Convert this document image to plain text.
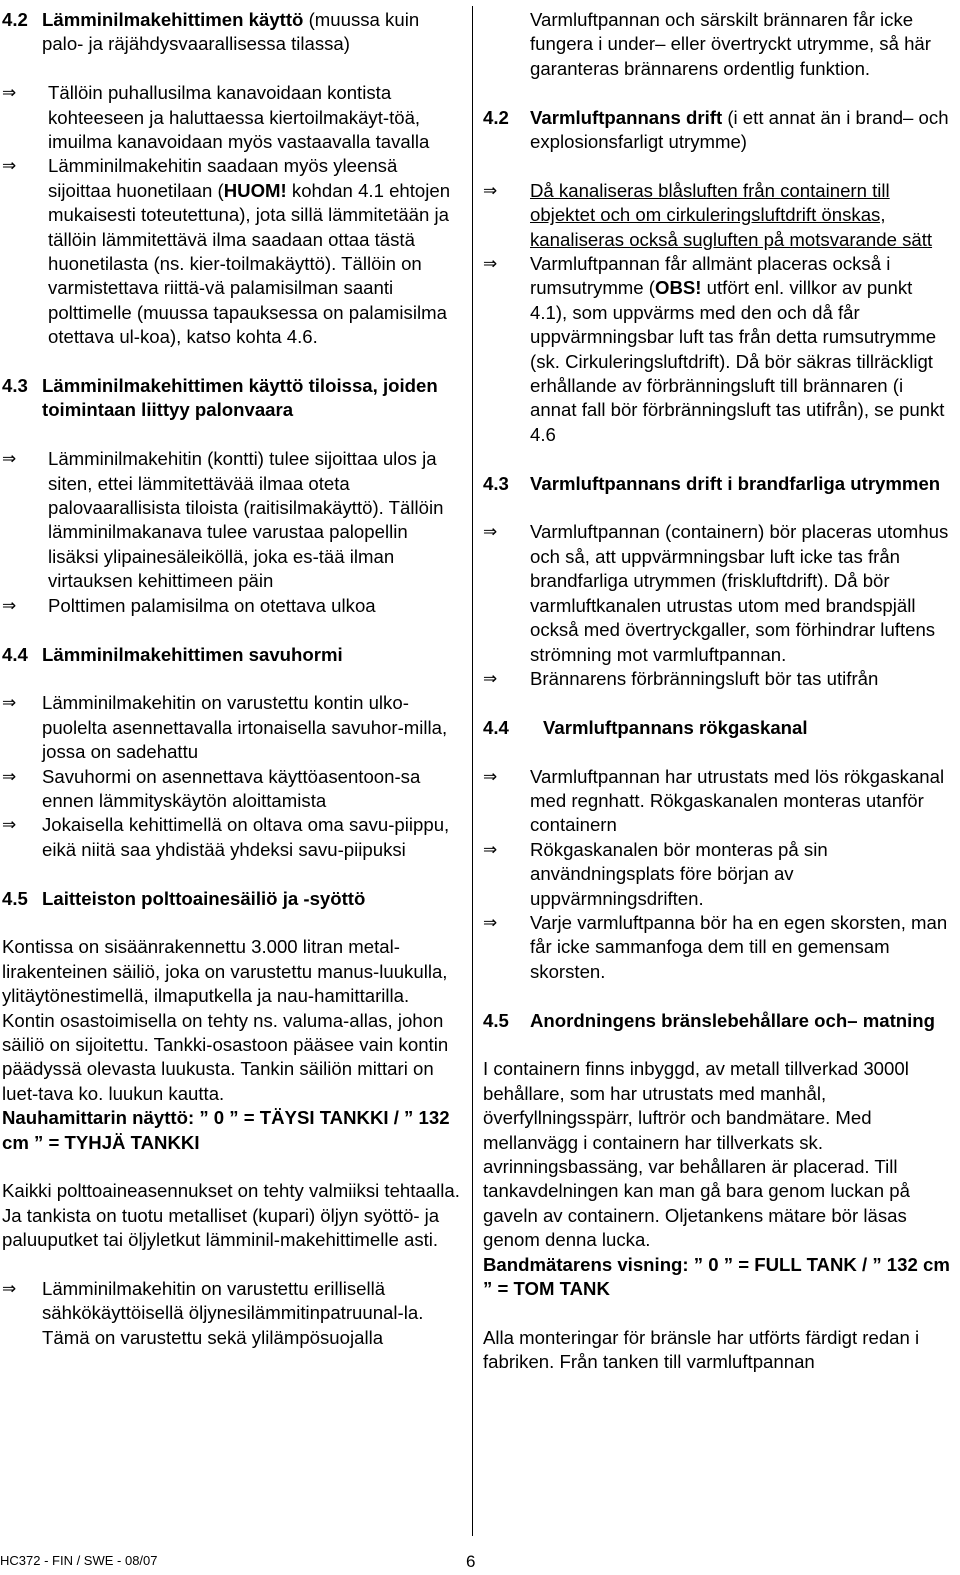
4.2 Lämminilmakehittimen käyttö (muussa kuin palo- ja räjähdysvaarallisessa tilassa)
⇒	Tällöin puhallusilma kanavoidaan kontista kohteeseen ja haluttaessa kiertoilmakäyt-töä, imuilma kanavoidaan myös vastaavalla tavalla
⇒	Lämminilmakehitin saadaan myös yleensä sijoittaa huonetilaan (HUOM! kohdan 4.1 ehtojen mukaisesti toteutettuna), jota sillä lämmitetään ja tällöin lämmitettävä ilma saadaan ottaa tästä huonetilasta (ns. kier-toilmakäyttö). Tällöin on varmistettava riittä-vä palamisilman saanti polttimelle (muussa tapauksessa on palamisilma otettava ul-koa), katso kohta 4.6.
4.3 Lämminilmakehittimen käyttö tiloissa, joiden toimintaan liittyy palonvaara
⇒	Lämminilmakehitin (kontti) tulee sijoittaa ulos ja siten, ettei lämmitettävää ilmaa oteta palovaarallisista tiloista (raitisilmakäyttö). Tällöin lämminilmakanava tulee varustaa palopellin lisäksi ylipainesäleiköllä, joka es-tää ilman virtauksen kehittimeen päin
⇒	Polttimen palamisilma on otettava ulkoa
4.4 Lämminilmakehittimen savuhormi
⇒	Lämminilmakehitin on varustettu kontin ulko-puolelta asennettavalla irtonaisella savuhor-milla, jossa on sadehattu
⇒	Savuhormi on asennettava käyttöasentoon-sa ennen lämmityskäytön aloittamista
⇒	Jokaisella kehittimellä on oltava oma savu-piippu, eikä niitä saa yhdistää yhdeksi savu-piipuksi
4.5 Laitteiston polttoainesäiliö ja -syöttö

Kontissa on sisäänrakennettu 3.000 litran metal-lirakenteinen säiliö, joka on varustettu manus-luukulla, ylitäytönestimellä, ilmaputkella ja nau-hamittarilla. Kontin osastoimisella on tehty ns. valuma-allas, johon säiliö on sijoitettu. Tankki-osastoon pääsee vain kontin päädyssä olevasta luukusta. Tankin säiliön mittari on luet-tava ko. luukun kautta.

Nauhamittarin näyttö: ” 0 ” = TÄYSI TANKKI / ” 132 cm ” = TYHJÄ TANKKI

Kaikki polttoaineasennukset on tehty valmiiksi tehtaalla. Ja tankista on tuotu metalliset (kupari) öljyn syöttö- ja paluuputket tai öljyletkut lämminil-makehittimelle asti.

⇒	Lämminilmakehitin on varustettu erillisellä sähkökäyttöisellä öljynesilämmitinpatruunal-la. Tämä on varustettu sekä ylilämpösuojalla

Varmluftpannan och särskilt brännaren får icke fungera i under– eller övertryckt utrymme, så här garanteras brännarens ordentlig funktion.

4.2 Varmluftpannans drift (i ett annat än i brand– och explosionsfarligt utrymme)
⇒	Då kanaliseras blåsluften från containern till objektet och om cirkuleringsluftdrift önskas, kanaliseras också sugluften på motsvarande sätt
⇒	Varmluftpannan får allmänt placeras också i rumsutrymme (OBS! utfört enl. villkor av punkt 4.1), som uppvärms med den och då får uppvärmningsbar luft tas från detta rumsutrymme (sk. Cirkuleringsluftdrift). Då bör säkras tillräckligt erhållande av förbränningsluft till brännaren (i annat fall bör förbränningsluft tas utifrån), se punkt 4.6
4.3 Varmluftpannans drift i brandfarliga utrymmen
⇒	Varmluftpannan (containern) bör placeras utomhus och så, att uppvärmningsbar luft icke tas från brandfarliga utrymmen (friskluftdrift). Då bör varmluftkanalen utrustas utom med brandspjäll också med övertryckgaller, som förhindrar luftens strömning mot varmluftpannan.
⇒	Brännarens förbränningsluft bör tas utifrån
4.4 Varmluftpannans rökgaskanal
⇒	Varmluftpannan har utrustats med lös rökgaskanal med regnhatt. Rökgaskanalen monteras utanför containern
⇒	Rökgaskanalen bör monteras på sin användningsplats före början av uppvärmningsdriften.
⇒	Varje varmluftpanna bör ha en egen skorsten, man får icke sammanfoga dem till en gemensam skorsten.
4.5 Anordningens bränslebehållare och– matning

I containern finns inbyggd, av metall tillverkad 3000l behållare, som har utrustats med manhål, överfyllningsspärr, luftrör och bandmätare. Med mellanvägg i containern har tillverkats sk. avrinningsbassäng, var behållaren är placerad. Till tankavdelningen kan man gå bara genom luckan på gaveln av containern. Oljetankens mätare bör läsas genom denna lucka.

Bandmätarens visning: ” 0 ” = FULL TANK / ” 132 cm ” = TOM TANK

Alla monteringar för bränsle har utförts färdigt redan i fabriken. Från tanken till varmluftpannan

HC372 - FIN / SWE - 08/07	6
